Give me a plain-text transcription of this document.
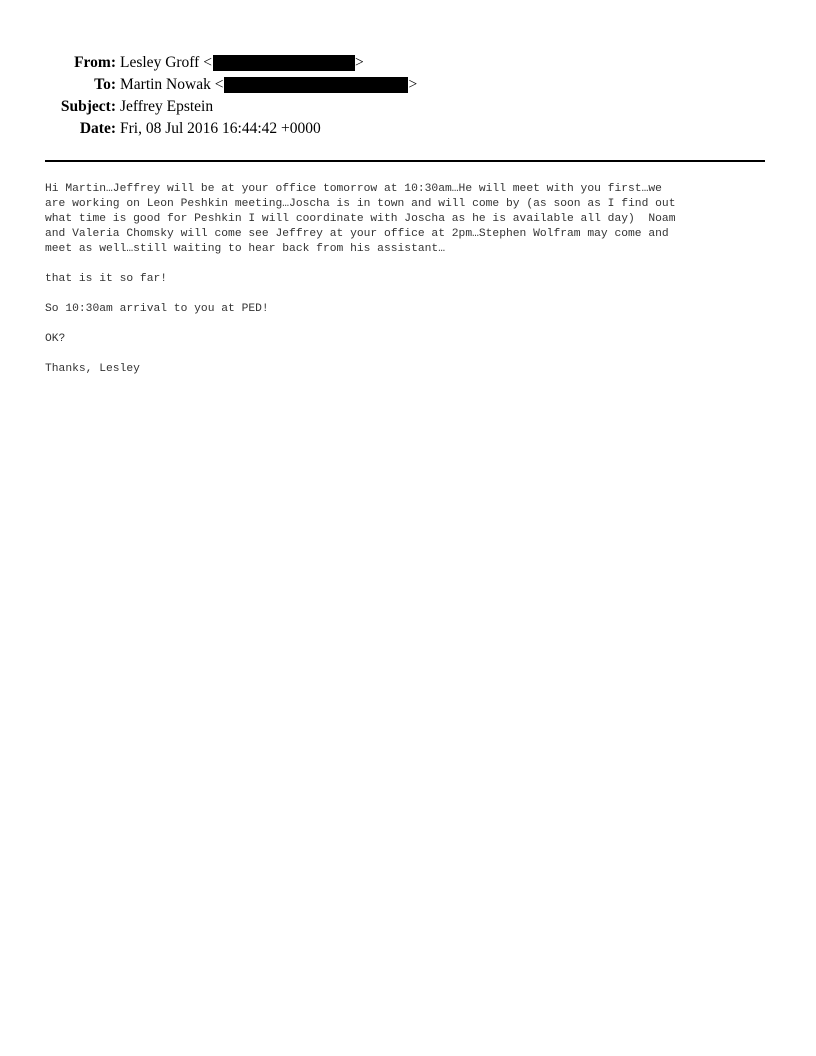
From: Lesley Groff <	>
To: Martin Nowak <	>
Subject: Jeffrey Epstein
Date: Fri, 08 Jul 2016 16:44:42 +0000

Hi Martin…Jeffrey will be at your office tomorrow at 10:30am…He will meet with you first…we
are working on Leon Peshkin meeting…Joscha is in town and will come by (as soon as I find out
what time is good for Peshkin I will coordinate with Joscha as he is available all day)  Noam
and Valeria Chomsky will come see Jeffrey at your office at 2pm…Stephen Wolfram may come and
meet as well…still waiting to hear back from his assistant…

that is it so far!

So 10:30am arrival to you at PED!

OK?

Thanks, Lesley
